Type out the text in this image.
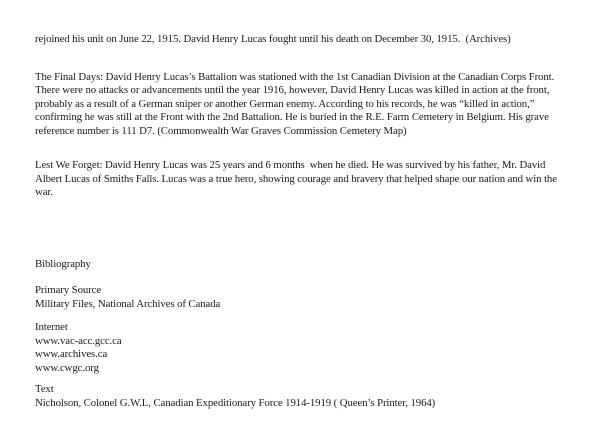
rejoined his unit on June 22, 1915. David Henry Lucas fought until his death on December 30, 1915.  (Archives)

The Final Days: David Henry Lucas’s Battalion was stationed with the 1st Canadian Division at the Canadian Corps Front. There were no attacks or advancements until the year 1916, however, David Henry Lucas was killed in action at the front, probably as a result of a German sniper or another German enemy. According to his records, he was “killed in action,” confirming he was still at the Front with the 2nd Battalion. He is buried in the R.E. Farm Cemetery in Belgium. His grave reference number is 111 D7. (Commonwealth War Graves Commission Cemetery Map)

Lest We Forget: David Henry Lucas was 25 years and 6 months  when he died. He was survived by his father, Mr. David Albert Lucas of Smiths Falls. Lucas was a true hero, showing courage and bravery that helped shape our nation and win the war.

Bibliography

Primary Source
Military Files, National Archives of Canada
Internet
www.vac-acc.gcc.ca
www.archives.ca
www.cwgc.org
Text
Nicholson, Colonel G.W.L, Canadian Expeditionary Force 1914-1919 ( Queen’s Printer, 1964)
